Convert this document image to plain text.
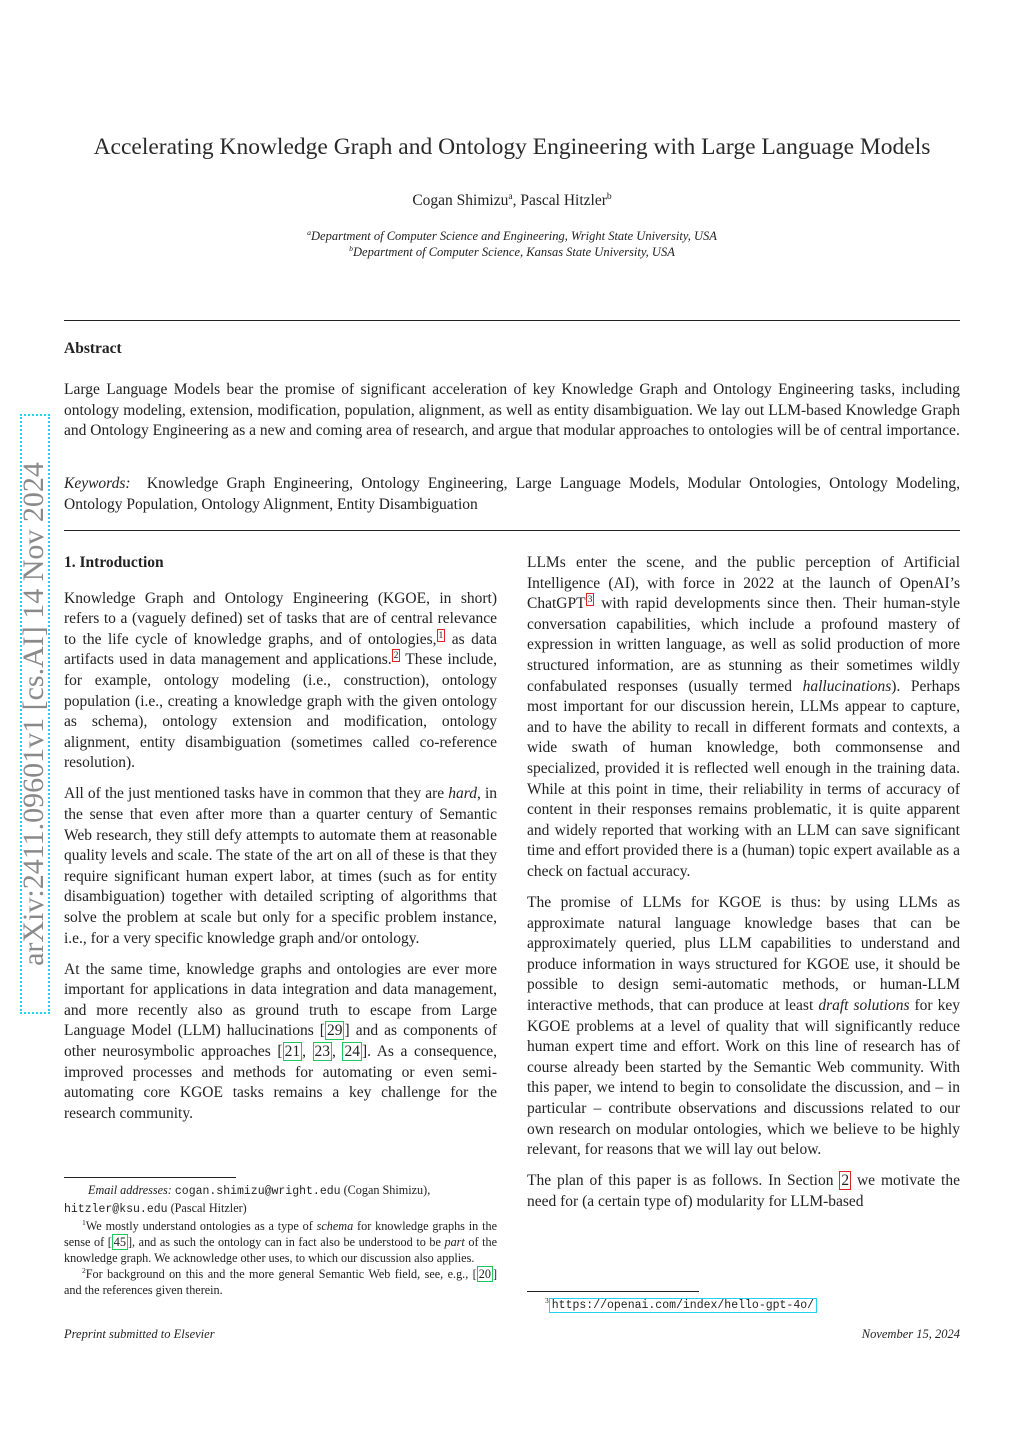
arXiv:2411.09601v1 [cs.AI] 14 Nov 2024
Accelerating Knowledge Graph and Ontology Engineering with Large Language Models
Cogan Shimizu$^a$, Pascal Hitzler$^b$
$^a$Department of Computer Science and Engineering, Wright State University, USA
$^b$Department of Computer Science, Kansas State University, USA
Abstract
Large Language Models bear the promise of significant acceleration of key Knowledge Graph and Ontology Engineering tasks, including ontology modeling, extension, modification, population, alignment, as well as entity disambiguation. We lay out LLM-based Knowledge Graph and Ontology Engineering as a new and coming area of research, and argue that modular approaches to ontologies will be of central importance.
Keywords: Knowledge Graph Engineering, Ontology Engineering, Large Language Models, Modular Ontologies, Ontology Modeling, Ontology Population, Ontology Alignment, Entity Disambiguation

1. Introduction

Knowledge Graph and Ontology Engineering (KGOE, in short) refers to a (vaguely defined) set of tasks that are of central relevance to the life cycle of knowledge graphs, and of ontologies, $^1$ as data artifacts used in data management and applications. $^2$ These include, for example, ontology modeling (i.e., construction), ontology population (i.e., creating a knowledge graph with the given ontology as schema), ontology extension and modification, ontology alignment, entity disambiguation (sometimes called co-reference resolution).

All of the just mentioned tasks have in common that they are hard, in the sense that even after more than a quarter century of Semantic Web research, they still defy attempts to automate them at reasonable quality levels and scale. The state of the art on all of these is that they require significant human expert labor, at times (such as for entity disambiguation) together with detailed scripting of algorithms that solve the problem at scale but only for a specific problem instance, i.e., for a very specific knowledge graph and/or ontology.

At the same time, knowledge graphs and ontologies are ever more important for applications in data integration and data management, and more recently also as ground truth to escape from Large Language Model (LLM) hallucinations [ 29 ] and as components of other neurosymbolic approaches [ 21 , 23 , 24 ]. As a consequence, improved processes and methods for automating or even semi-automating core KGOE tasks remains a key challenge for the research community.

Email addresses: cogan.shimizu@wright.edu (Cogan Shimizu),
hitzler@ksu.edu (Pascal Hitzler)

$^1$We mostly understand ontologies as a type of schema for knowledge graphs in the sense of [ 45 ], and as such the ontology can in fact also be understood to be part of the knowledge graph. We acknowledge other uses, to which our discussion also applies.

$^2$For background on this and the more general Semantic Web field, see, e.g., [ 20 ] and the references given therein.

LLMs enter the scene, and the public perception of Artificial Intelligence (AI), with force in 2022 at the launch of OpenAI’s ChatGPT $^3$ with rapid developments since then. Their human-style conversation capabilities, which include a profound mastery of expression in written language, as well as solid production of more structured information, are as stunning as their sometimes wildly confabulated responses (usually termed hallucinations). Perhaps most important for our discussion herein, LLMs appear to capture, and to have the ability to recall in different formats and contexts, a wide swath of human knowledge, both commonsense and specialized, provided it is reflected well enough in the training data. While at this point in time, their reliability in terms of accuracy of content in their responses remains problematic, it is quite apparent and widely reported that working with an LLM can save significant time and effort provided there is a (human) topic expert available as a check on factual accuracy.

The promise of LLMs for KGOE is thus: by using LLMs as approximate natural language knowledge bases that can be approximately queried, plus LLM capabilities to understand and produce information in ways structured for KGOE use, it should be possible to design semi-automatic methods, or human-LLM interactive methods, that can produce at least draft solutions for key KGOE problems at a level of quality that will significantly reduce human expert time and effort. Work on this line of research has of course already been started by the Semantic Web community. With this paper, we intend to begin to consolidate the discussion, and – in particular – contribute observations and discussions related to our own research on modular ontologies, which we believe to be highly relevant, for reasons that we will lay out below.

The plan of this paper is as follows. In Section 2 we motivate the need for (a certain type of) modularity for LLM-based

$^3$ https://openai.com/index/hello-gpt-4o/

Preprint submitted to Elsevier	November 15, 2024
